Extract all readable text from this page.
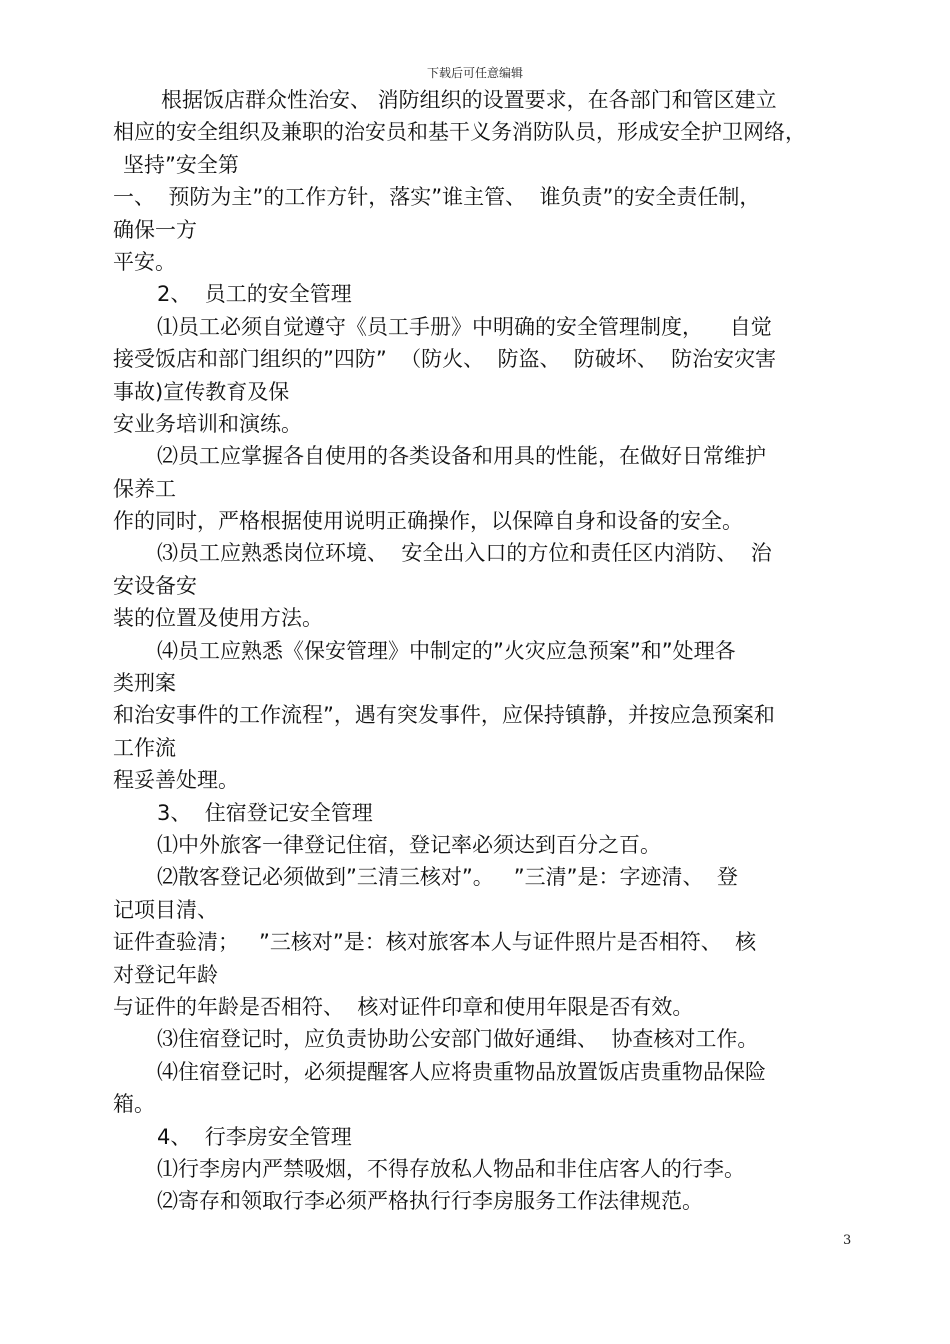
下载后可任意编辑
根据饭店群众性治安、 消防组织的设置要求，在各部门和管区建立
相应的安全组织及兼职的治安员和基干义务消防队员，形成安全护卫网络，
坚持”安全第
一、  预防为主”的工作方针，落实”谁主管、  谁负责”的安全责任制，
确保一方
平安。
2、  员工的安全管理
⑴员工必须自觉遵守《员工手册》中明确的安全管理制度，    自觉
接受饭店和部门组织的”四防”  （防火、  防盗、  防破坏、  防治安灾害
事故)宣传教育及保
安业务培训和演练。
⑵员工应掌握各自使用的各类设备和用具的性能，在做好日常维护
保养工
作的同时，严格根据使用说明正确操作，以保障自身和设备的安全。
⑶员工应熟悉岗位环境、  安全出入口的方位和责任区内消防、  治
安设备安
装的位置及使用方法。
⑷员工应熟悉《保安管理》中制定的”火灾应急预案”和”处理各
类刑案
和治安事件的工作流程”，遇有突发事件，应保持镇静，并按应急预案和
工作流
程妥善处理。
3、  住宿登记安全管理
⑴中外旅客一律登记住宿，登记率必须达到百分之百。
⑵散客登记必须做到”三清三核对”。   ”三清”是：字迹清、  登
记项目清、
证件查验清；   ”三核对”是：核对旅客本人与证件照片是否相符、  核
对登记年龄
与证件的年龄是否相符、  核对证件印章和使用年限是否有效。
⑶住宿登记时，应负责协助公安部门做好通缉、  协查核对工作。
⑷住宿登记时，必须提醒客人应将贵重物品放置饭店贵重物品保险
箱。
4、  行李房安全管理
⑴行李房内严禁吸烟，不得存放私人物品和非住店客人的行李。
⑵寄存和领取行李必须严格执行行李房服务工作法律规范。
3
